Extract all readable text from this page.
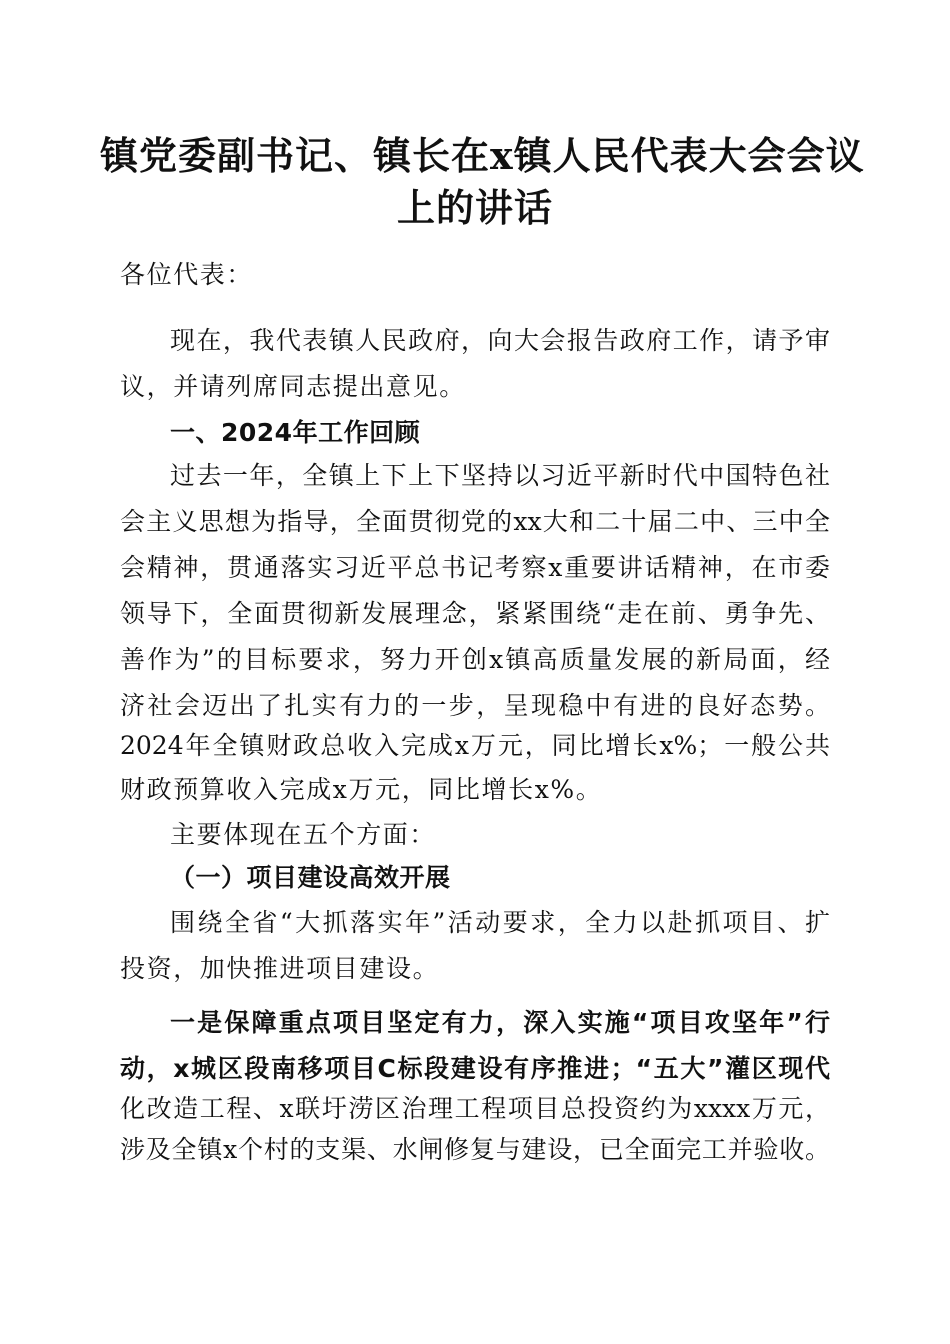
镇党委副书记、镇长在x镇人民代表大会会议
上的讲话
各位代表：
现在，我代表镇人民政府，向大会报告政府工作，请予审
议，并请列席同志提出意见。
一、2024年工作回顾
过去一年，全镇上下上下坚持以习近平新时代中国特色社
会主义思想为指导，全面贯彻党的xx大和二十届二中、三中全
会精神，贯通落实习近平总书记考察x重要讲话精神，在市委
领导下，全面贯彻新发展理念，紧紧围绕“走在前、勇争先、
善作为”的目标要求，努力开创x镇高质量发展的新局面，经
济社会迈出了扎实有力的一步，呈现稳中有进的良好态势。
2024年全镇财政总收入完成x万元，同比增长x%；一般公共
财政预算收入完成x万元，同比增长x%。
主要体现在五个方面：
（一）项目建设高效开展
围绕全省“大抓落实年”活动要求，全力以赴抓项目、扩
投资，加快推进项目建设。
一是保障重点项目坚定有力，深入实施“项目攻坚年”行
动，x城区段南移项目C标段建设有序推进；“五大”灌区现代
化改造工程、x联圩涝区治理工程项目总投资约为xxxx万元，
涉及全镇x个村的支渠、水闸修复与建设，已全面完工并验收。
